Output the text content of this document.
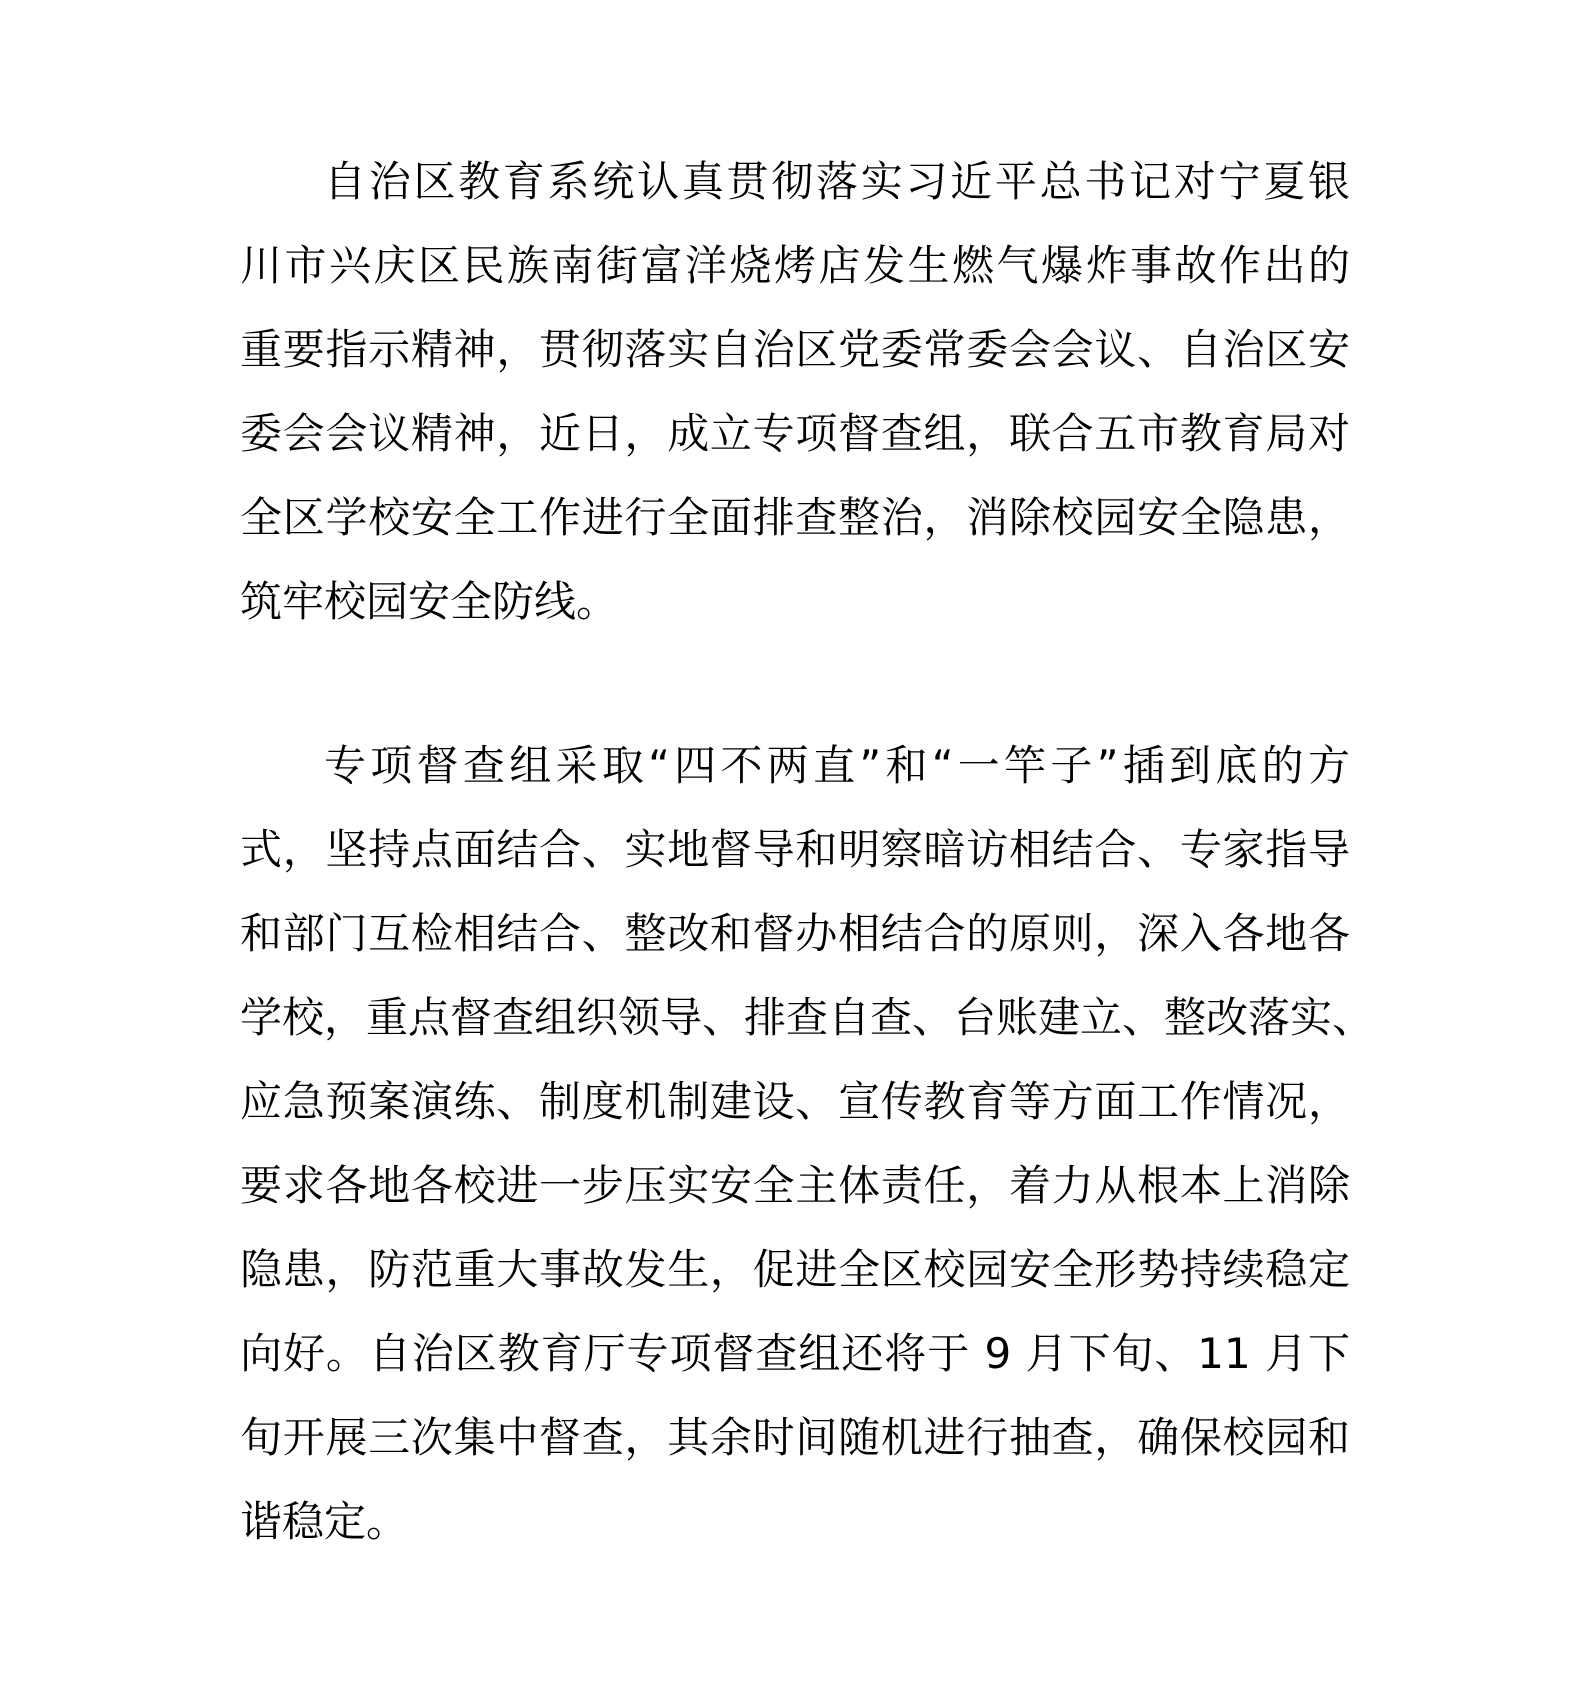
自治区教育系统认真贯彻落实习近平总书记对宁夏银
川市兴庆区民族南街富洋烧烤店发生燃气爆炸事故作出的
重要指示精神，贯彻落实自治区党委常委会会议、自治区安
委会会议精神，近日，成立专项督查组，联合五市教育局对
全区学校安全工作进行全面排查整治，消除校园安全隐患，
筑牢校园安全防线。
专项督查组采取“四不两直”和“一竿子”插到底的方
式，坚持点面结合、实地督导和明察暗访相结合、专家指导
和部门互检相结合、整改和督办相结合的原则，深入各地各
学校，重点督查组织领导、排查自查、台账建立、整改落实、
应急预案演练、制度机制建设、宣传教育等方面工作情况，
要求各地各校进一步压实安全主体责任，着力从根本上消除
隐患，防范重大事故发生，促进全区校园安全形势持续稳定
向好。自治区教育厅专项督查组还将于 9 月下旬、11 月下
旬开展三次集中督查，其余时间随机进行抽查，确保校园和
谐稳定。
